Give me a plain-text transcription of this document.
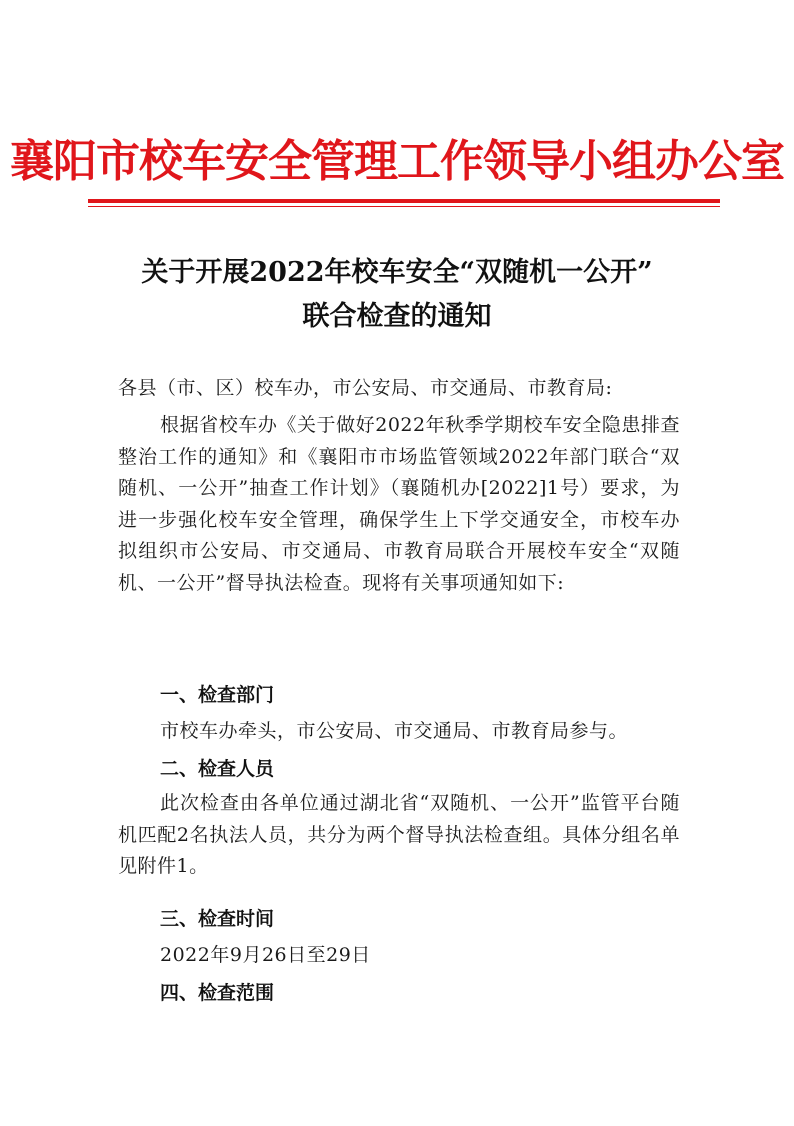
襄阳市校车安全管理工作领导小组办公室
关于开展2022年校车安全“双随机一公开”
联合检查的通知
各县（市、区）校车办，市公安局、市交通局、市教育局:
根据省校车办《关于做好2022年秋季学期校车安全隐患排查整治工作的通知》和《襄阳市市场监管领域2022年部门联合“双随机、一公开”抽查工作计划》（襄随机办[2022]1号）要求，为进一步强化校车安全管理，确保学生上下学交通安全，市校车办拟组织市公安局、市交通局、市教育局联合开展校车安全“双随机、一公开”督导执法检查。现将有关事项通知如下:
一、检查部门
市校车办牵头，市公安局、市交通局、市教育局参与。
二、检查人员
此次检查由各单位通过湖北省“双随机、一公开”监管平台随机匹配2名执法人员，共分为两个督导执法检查组。具体分组名单见附件1。
三、检查时间
2022年9月26日至29日
四、检查范围
